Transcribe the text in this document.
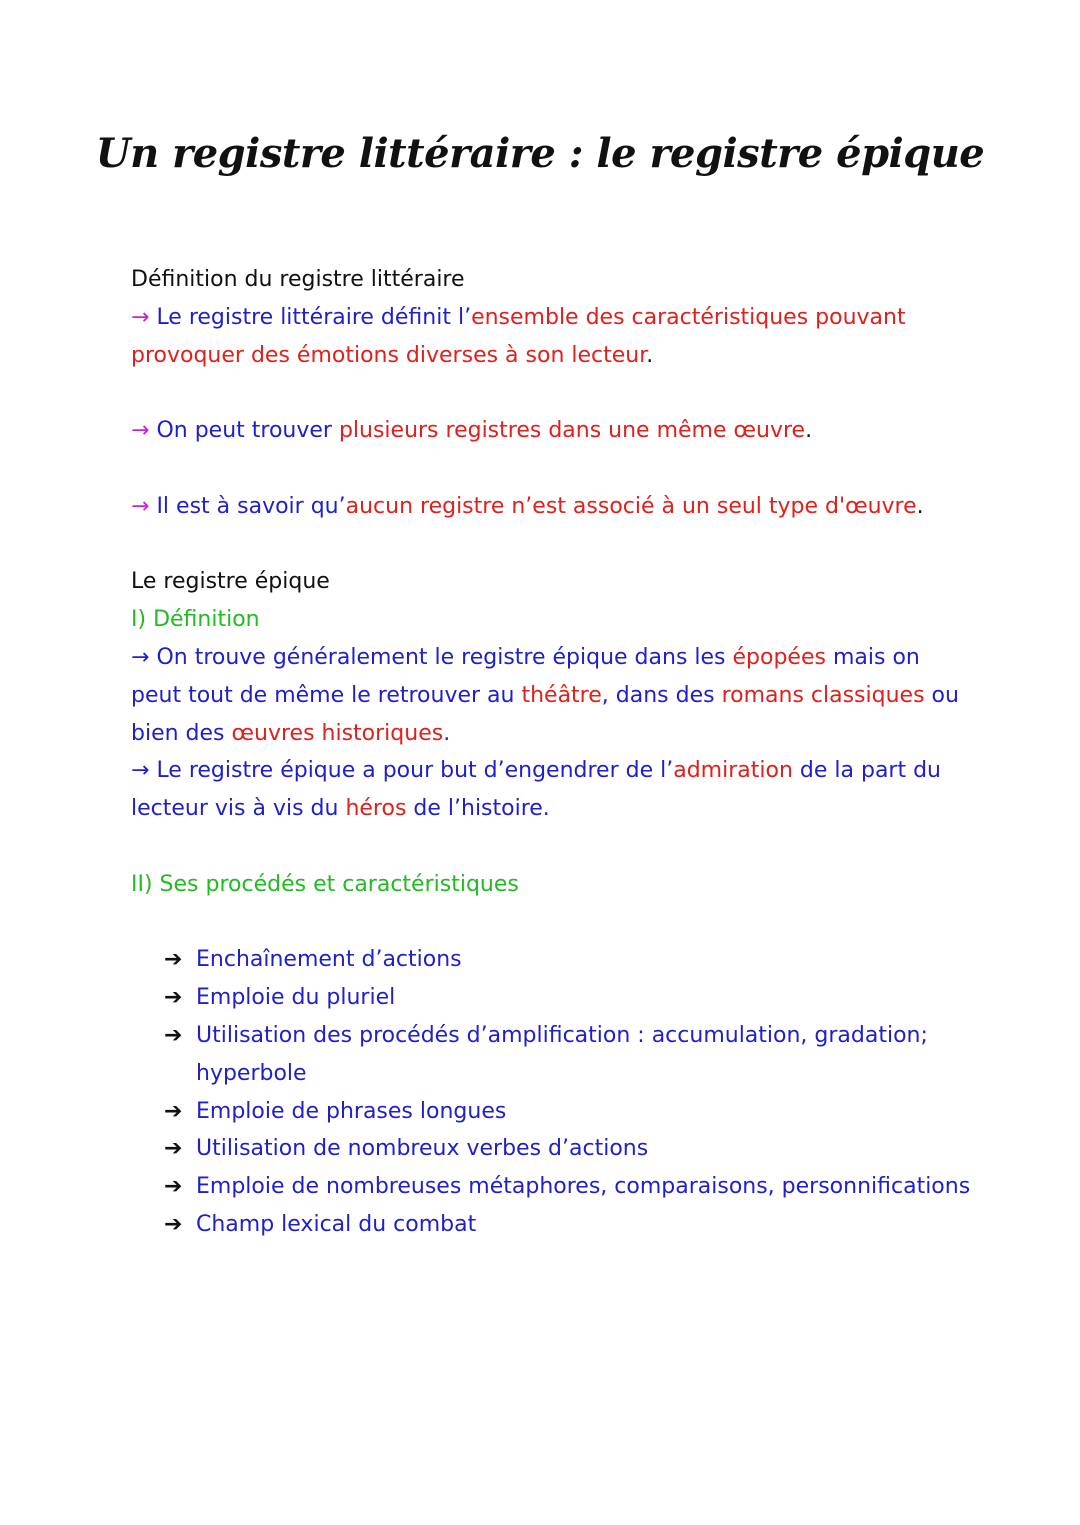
Un registre littéraire : le registre épique
Définition du registre littéraire
→ Le registre littéraire définit l’ensemble des caractéristiques pouvant
provoquer des émotions diverses à son lecteur.
→ On peut trouver plusieurs registres dans une même œuvre.
→ Il est à savoir qu’aucun registre n’est associé à un seul type d'œuvre.
Le registre épique
I) Définition
→ On trouve généralement le registre épique dans les épopées mais on
peut tout de même le retrouver au théâtre, dans des romans classiques ou
bien des œuvres historiques.
→ Le registre épique a pour but d’engendrer de l’admiration de la part du
lecteur vis à vis du héros de l’histoire.
II) Ses procédés et caractéristiques
➔ Enchaînement d’actions
➔ Emploie du pluriel
➔ Utilisation des procédés d’amplification : accumulation, gradation;
hyperbole
➔ Emploie de phrases longues
➔ Utilisation de nombreux verbes d’actions
➔ Emploie de nombreuses métaphores, comparaisons, personnifications
➔ Champ lexical du combat
